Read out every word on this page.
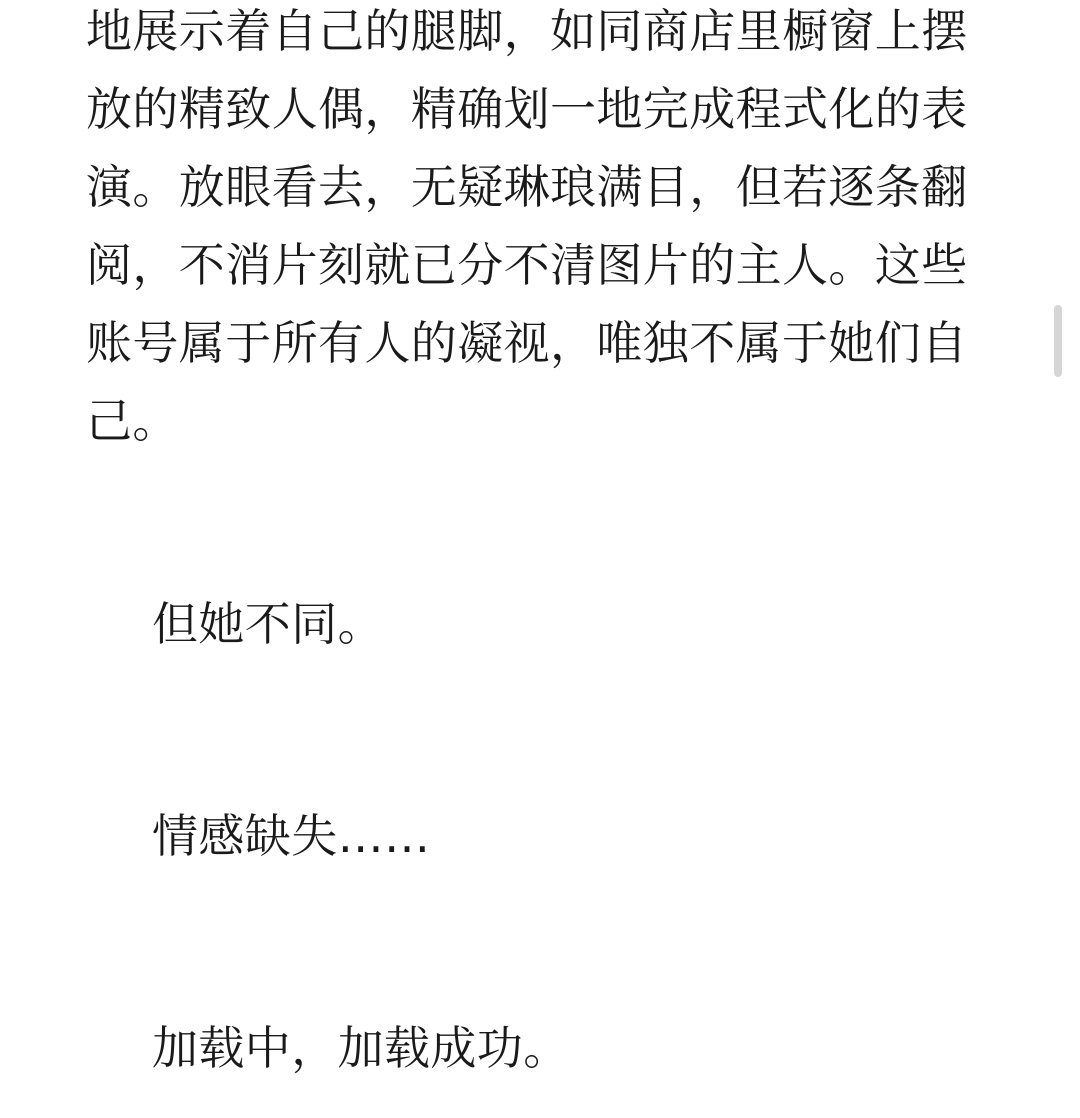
地展示着自己的腿脚，如同商店里橱窗上摆
放的精致人偶，精确划一地完成程式化的表
演。放眼看去，无疑琳琅满目，但若逐条翻
阅，不消片刻就已分不清图片的主人。这些
账号属于所有人的凝视，唯独不属于她们自
己。

但她不同。

情感缺失……

加载中，加载成功。
